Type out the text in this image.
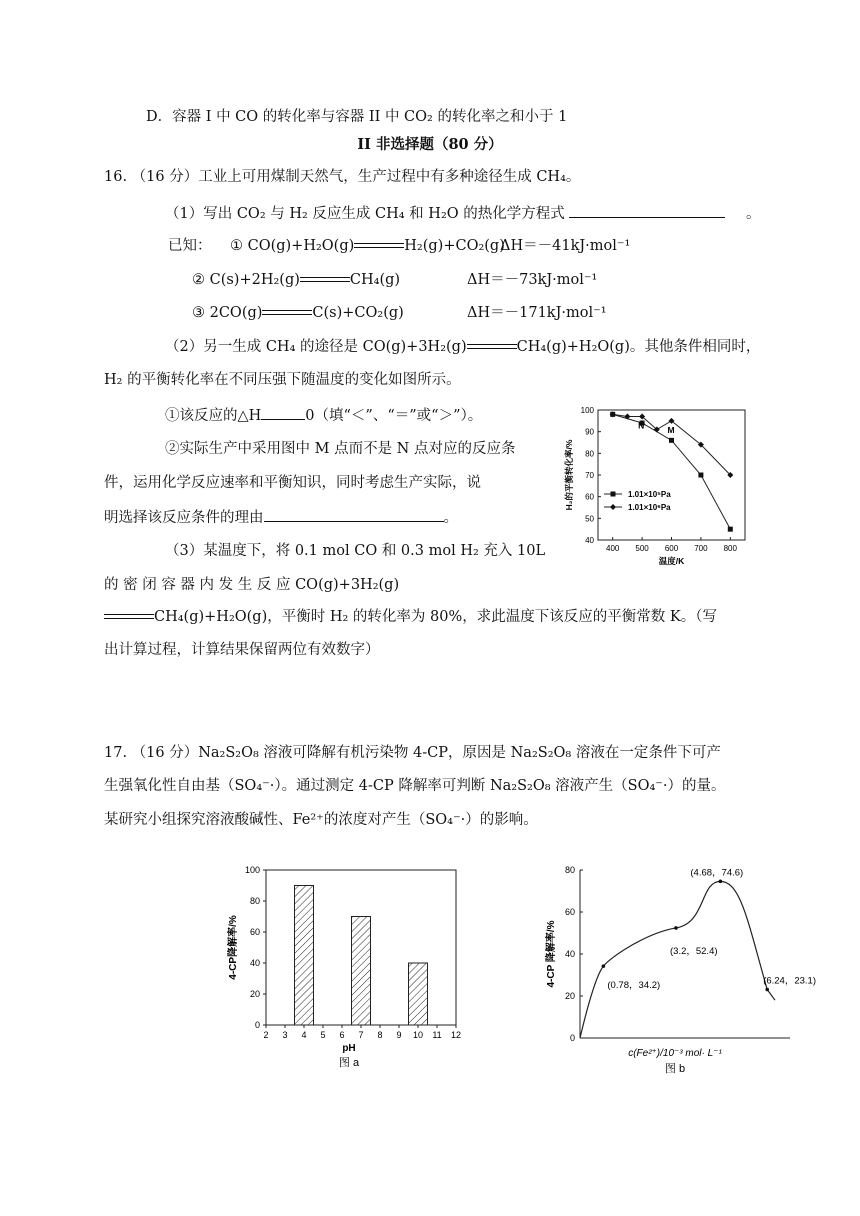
D．容器 I 中 CO 的转化率与容器 II 中 CO₂ 的转化率之和小于 1
II 非选择题（80 分）
16. （16 分）工业上可用煤制天然气，生产过程中有多种途径生成 CH₄。
（1）写出 CO₂ 与 H₂ 反应生成 CH₄ 和 H₂O 的热化学方程式	。
已知： ① CO(g)+H₂O(g)	H₂(g)+CO₂(g)
ΔH＝－41kJ·mol⁻¹
② C(s)+2H₂(g)	CH₄(g)	ΔH＝－73kJ·mol⁻¹
③ 2CO(g)	C(s)+CO₂(g)	ΔH＝－171kJ·mol⁻¹
（2）另一生成 CH₄ 的途径是 CO(g)+3H₂(g)	CH₄(g)+H₂O(g)。其他条件相同时，
H₂ 的平衡转化率在不同压强下随温度的变化如图所示。
①该反应的△H	0（填“＜”、“＝”或“＞”）。
②实际生产中采用图中 M 点而不是 N 点对应的反应条
件，运用化学反应速率和平衡知识，同时考虑生产实际，说
明选择该反应条件的理由	。
（3）某温度下，将 0.1 mol CO 和 0.3 mol H₂ 充入 10L
的 密 闭 容 器 内 发 生 反 应 CO(g)+3H₂(g)
CH₄(g)+H₂O(g)，平衡时 H₂ 的转化率为 80%，求此温度下该反应的平衡常数 K。（写
出计算过程，计算结果保留两位有效数字）
17. （16 分）Na₂S₂O₈ 溶液可降解有机污染物 4-CP，原因是 Na₂S₂O₈ 溶液在一定条件下可产
生强氧化性自由基（SO₄⁻·）。通过测定 4-CP 降解率可判断 Na₂S₂O₈ 溶液产生（SO₄⁻·）的量。
某研究小组探究溶液酸碱性、Fe²⁺的浓度对产生（SO₄⁻·）的影响。
40
50
60
70
80
90
100
400 500 600 700 800
温度/K
H₂的平衡转化率/%	1.01×10⁵Pa
1.01×10⁶Pa
N	M
0
20
40
60
80
100
2 3 4 5 6 7 8 9 10 11 12
pH
4-CP降解率/%
图 a
0
20
40
60
80
(0.78，34.2)
(3.2，52.4)
(4.68，74.6)
(6.24，23.1)
c(Fe²⁺)/10⁻³ mol· L⁻¹
4-CP 降解率/%
图 b
